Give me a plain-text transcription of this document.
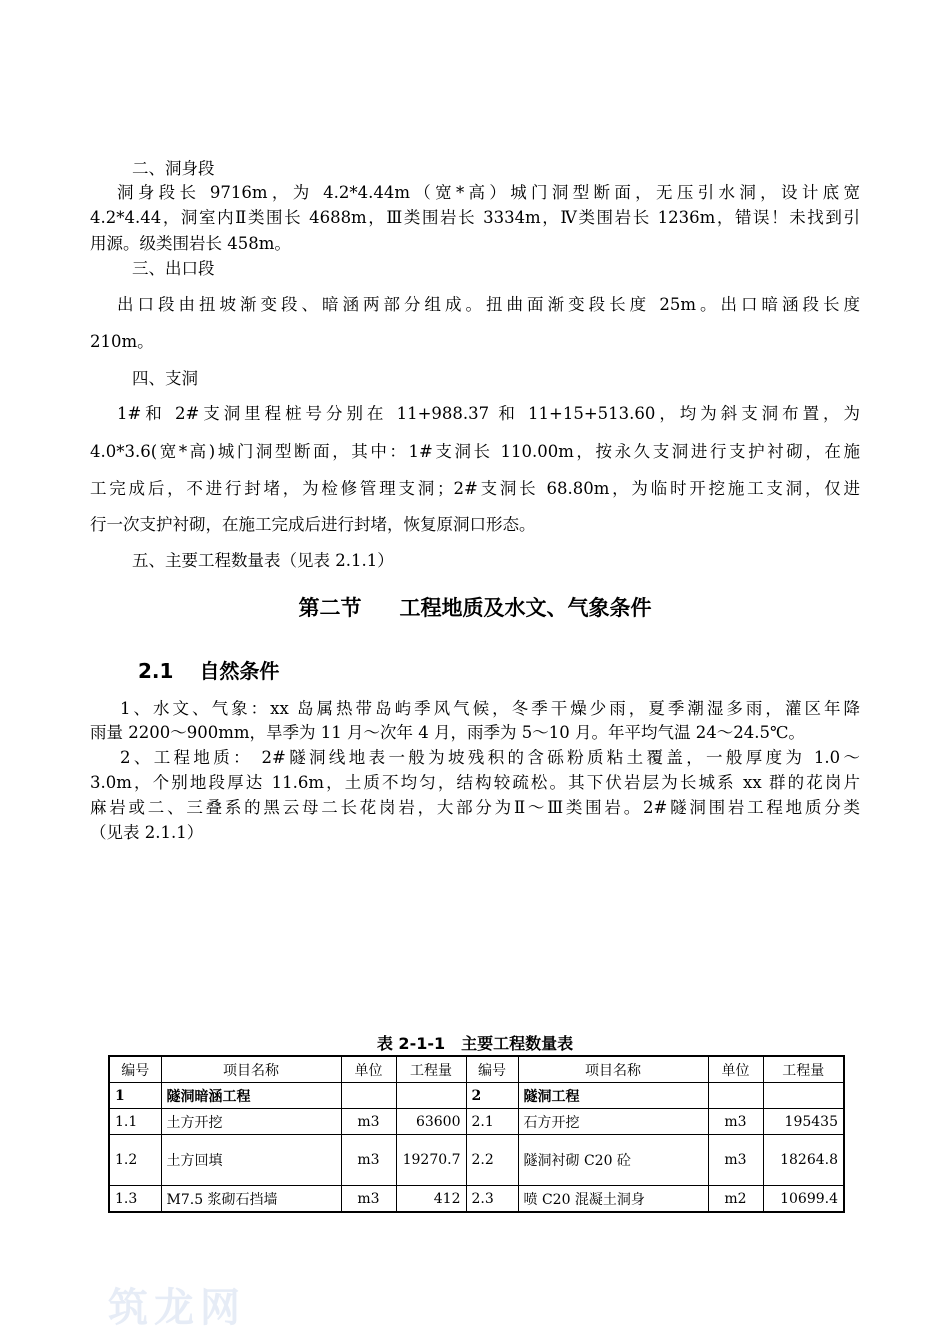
二、洞身段
洞身段长 9716m，为 4.2*4.44m（宽*高）城门洞型断面，无压引水洞，设计底宽
4.2*4.44，洞室内Ⅱ类围长 4688m，Ⅲ类围岩长 3334m，Ⅳ类围岩长 1236m，错误！未找到引
用源。级类围岩长 458m。
三、出口段
出口段由扭坡渐变段、暗涵两部分组成。扭曲面渐变段长度 25m。出口暗涵段长度
210m。
四、支洞
1#和 2#支洞里程桩号分别在 11+988.37 和 11+15+513.60，均为斜支洞布置，为
4.0*3.6(宽*高)城门洞型断面，其中：1#支洞长 110.00m，按永久支洞进行支护衬砌，在施
工完成后，不进行封堵，为检修管理支洞；2#支洞长 68.80m，为临时开挖施工支洞，仅进
行一次支护衬砌，在施工完成后进行封堵，恢复原洞口形态。
五、主要工程数量表（见表 2.1.1）
第二节 工程地质及水文、气象条件
2.1 自然条件
1、水文、气象：xx 岛属热带岛屿季风气候，冬季干燥少雨，夏季潮湿多雨，灌区年降
雨量 2200～900mm，旱季为 11 月～次年 4 月，雨季为 5～10 月。年平均气温 24～24.5℃。
2、工程地质： 2#隧洞线地表一般为坡残积的含砾粉质粘土覆盖，一般厚度为 1.0～
3.0m，个别地段厚达 11.6m，土质不均匀，结构较疏松。其下伏岩层为长城系 xx 群的花岗片
麻岩或二、三叠系的黑云母二长花岗岩，大部分为Ⅱ～Ⅲ类围岩。2#隧洞围岩工程地质分类
（见表 2.1.1）
表 2-1-1　主要工程数量表
编号	项目名称	单位	工程量	编号	项目名称	单位	工程量
1	隧洞暗涵工程			2	隧洞工程		
1.1	土方开挖	m3	63600	2.1	石方开挖	m3	195435
1.2	土方回填	m3	19270.7	2.2	隧洞衬砌 C20 砼	m3	18264.8
1.3	M7.5 浆砌石挡墙	m3	412	2.3	喷 C20 混凝土洞身	m2	10699.4
筑龙网
